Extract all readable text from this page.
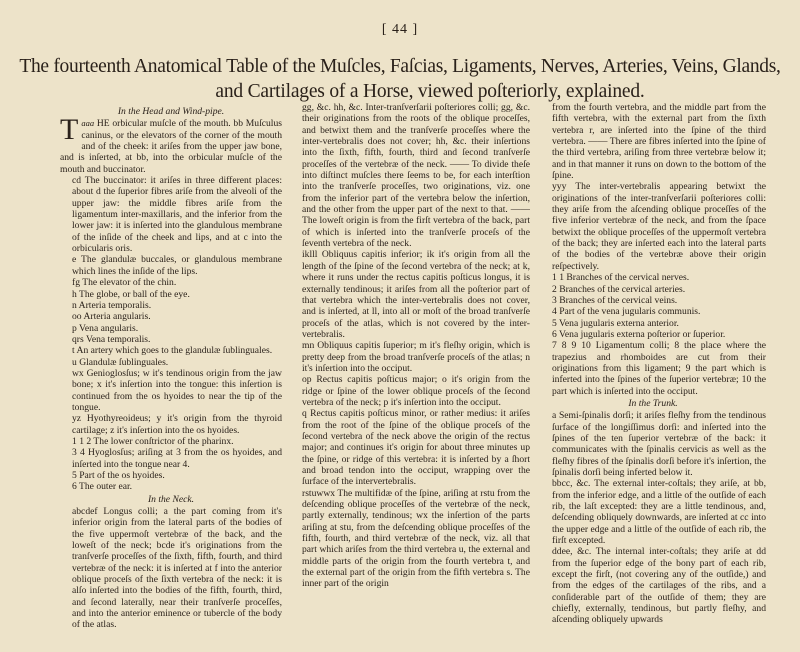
[ 44 ]
The fourteenth Anatomical Table of the Muſcles, Faſcias, Ligaments, Nerves, Arteries, Veins, Glands,
and Cartilages of a Horse, viewed poſteriorly, explained.

In the Head and Wind-pipe.

Taaa HE orbicular muſcle of the mouth. bb Muſculus caninus, or the elevators of the corner of the mouth and of the cheek: it ariſes from the upper jaw bone, and is inſerted, at bb, into the orbicular muſcle of the mouth and buccinator.

cd The buccinator: it ariſes in three different places: about d the ſuperior fibres ariſe from the alveoli of the upper jaw: the middle fibres ariſe from the ligamentum inter-maxillaris, and the inferior from the lower jaw: it is inſerted into the glandulous membrane of the inſide of the cheek and lips, and at c into the orbicularis oris.

e The glandulæ buccales, or glandulous membrane which lines the inſide of the lips.

fg The elevator of the chin.

h The globe, or ball of the eye.

n Arteria temporalis.

oo Arteria angularis.

p Vena angularis.

qrs Vena temporalis.

t An artery which goes to the glandulæ ſublinguales.

u Glandulæ ſublinguales.

wx Genioglosſus; w it's tendinous origin from the jaw bone; x it's inſertion into the tongue: this inſertion is continued from the os hyoides to near the tip of the tongue.

yz Hyothyreoideus; y it's origin from the thyroid cartilage; z it's inſertion into the os hyoides.

1 1 2 The lower conſtrictor of the pharinx.

3 4 Hyoglosſus; ariſing at 3 from the os hyoides, and inſerted into the tongue near 4.

5 Part of the os hyoides.

6 The outer ear.

In the Neck.

abcdef Longus colli; a the part coming from it's inferior origin from the lateral parts of the bodies of the five uppermoſt vertebræ of the back, and the loweſt of the neck; bcde it's originations from the tranſverſe proceſſes of the ſixth, fifth, fourth, and third vertebræ of the neck: it is inſerted at f into the anterior oblique proceſs of the ſixth vertebra of the neck: it is alſo inſerted into the bodies of the fifth, fourth, third, and ſecond laterally, near their tranſverſe proceſſes, and into the anterior eminence or tubercle of the body of the atlas.

gg, &c. hh, &c. Inter-tranſverſarii poſteriores colli; gg, &c. their originations from the roots of the oblique proceſſes, and betwixt them and the tranſverſe proceſſes where the inter-vertebralis does not cover; hh, &c. their inſertions into the ſixth, fifth, fourth, third and ſecond tranſverſe proceſſes of the vertebræ of the neck. —— To divide theſe into diſtinct muſcles there ſeems to be, for each interſtion into the tranſverſe proceſſes, two originations, viz. one from the inferior part of the vertebra below the inſertion, and the other from the upper part of the next to that. —— The loweſt origin is from the firſt vertebra of the back, part of which is inſerted into the tranſverſe proceſs of the ſeventh vertebra of the neck.

iklll Obliquus capitis inferior; ik it's origin from all the length of the ſpine of the ſecond vertebra of the neck; at k, where it runs under the rectus capitis poſticus longus, it is externally tendinous; it ariſes from all the poſterior part of that vertebra which the inter-vertebralis does not cover, and is inſerted, at ll, into all or moſt of the broad tranſverſe proceſs of the atlas, which is not covered by the inter-vertebralis.

mn Obliquus capitis ſuperior; m it's fleſhy origin, which is pretty deep from the broad tranſverſe proceſs of the atlas; n it's inſertion into the occiput.

op Rectus capitis poſticus major; o it's origin from the ridge or ſpine of the lower oblique proceſs of the ſecond vertebra of the neck; p it's inſertion into the occiput.

q Rectus capitis poſticus minor, or rather medius: it ariſes from the root of the ſpine of the oblique proceſs of the ſecond vertebra of the neck above the origin of the rectus major; and continues it's origin for about three minutes up the ſpine, or ridge of this vertebra: it is inſerted by a ſhort and broad tendon into the occiput, wrapping over the ſurface of the intervertebralis.

rstuwwx The multifidæ of the ſpine, ariſing at rstu from the deſcending oblique proceſſes of the vertebræ of the neck, partly externally, tendinous; wx the inſertion of the parts ariſing at stu, from the deſcending oblique proceſſes of the fifth, fourth, and third vertebræ of the neck, viz. all that part which ariſes from the third vertebra u, the external and middle parts of the origin from the fourth vertebra t, and the external part of the origin from the fifth vertebra s. The inner part of the origin

from the fourth vertebra, and the middle part from the fifth vertebra, with the external part from the ſixth vertebra r, are inſerted into the ſpine of the third vertebra. —— There are fibres inſerted into the ſpine of the third vertebra, ariſing from three vertebræ below it; and in that manner it runs on down to the bottom of the ſpine.

yyy The inter-vertebralis appearing betwixt the originations of the inter-tranſverſarii poſteriores colli: they ariſe from the aſcending oblique proceſſes of the five inferior vertebræ of the neck, and from the ſpace betwixt the oblique proceſſes of the uppermoſt vertebra of the back; they are inſerted each into the lateral parts of the bodies of the vertebræ above their origin reſpectively.

1 1 Branches of the cervical nerves.

2 Branches of the cervical arteries.

3 Branches of the cervical veins.

4 Part of the vena jugularis communis.

5 Vena jugularis externa anterior.

6 Vena jugularis externa poſterior or ſuperior.

7 8 9 10 Ligamentum colli; 8 the place where the trapezius and rhomboides are cut from their originations from this ligament; 9 the part which is inferted into the ſpines of the ſuperior vertebræ; 10 the part which is inſerted into the occiput.

In the Trunk.

a Semi-ſpinalis dorſi; it ariſes fleſhy from the tendinous ſurface of the longiſſimus dorſi: and inſerted into the ſpines of the ten ſuperior vertebræ of the back: it communicates with the ſpinalis cervicis as well as the fleſhy fibres of the ſpinalis dorſi before it's inſertion, the ſpinalis dorſi being inferted below it.

bbcc, &c. The external inter-coſtals; they ariſe, at bb, from the inferior edge, and a little of the outſide of each rib, the laſt excepted: they are a little tendinous, and, deſcending obliquely downwards, are inſerted at cc into the upper edge and a little of the outſide of each rib, the firſt excepted.

ddee, &c. The internal inter-coſtals; they ariſe at dd from the ſuperior edge of the bony part of each rib, except the firſt, (not covering any of the outſide,) and from the edges of the cartilages of the ribs, and a conſiderable part of the outſide of them; they are chiefly, externally, tendinous, but partly fleſhy, and aſcending obliquely upwards
